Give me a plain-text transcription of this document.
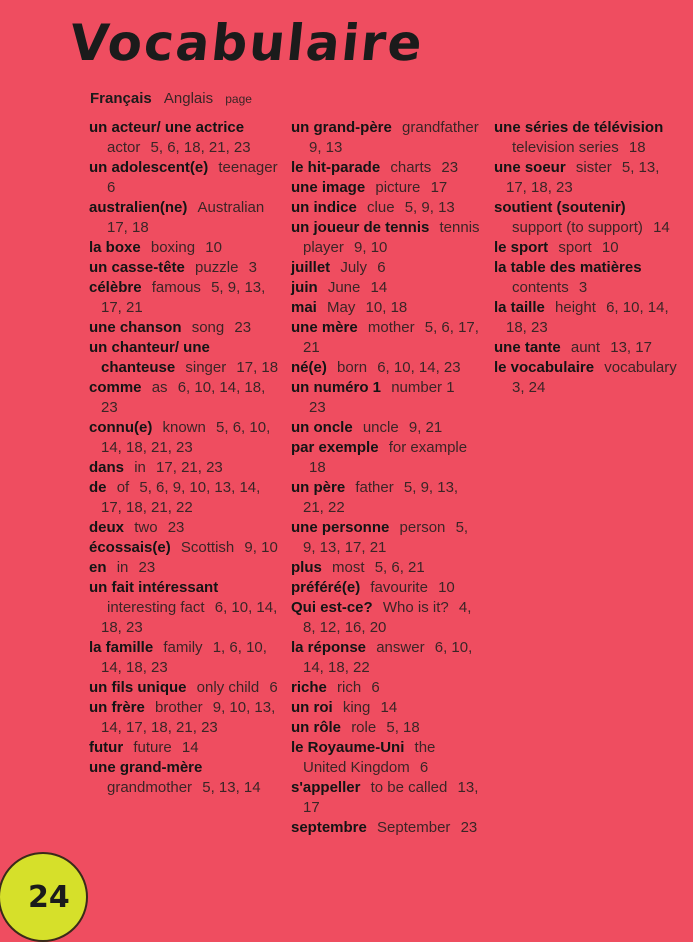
Vocabulaire
Français Anglais page
un acteur/ une actrice actor 5, 6, 18, 21, 23
un adolescent(e) teenager 6
australien(ne) Australian 17, 18
la boxe boxing 10
un casse-tête puzzle 3
célèbre famous 5, 9, 13, 17, 21
une chanson song 23
un chanteur/ une chanteuse singer 17, 18
comme as 6, 10, 14, 18, 23
connu(e) known 5, 6, 10, 14, 18, 21, 23
dans in 17, 21, 23
de of 5, 6, 9, 10, 13, 14, 17, 18, 21, 22
deux two 23
écossais(e) Scottish 9, 10
en in 23
un fait intéressant interesting fact 6, 10, 14, 18, 23
la famille family 1, 6, 10, 14, 18, 23
un fils unique only child 6
un frère brother 9, 10, 13, 14, 17, 18, 21, 23
futur future 14
une grand-mère grandmother 5, 13, 14
un grand-père grandfather 9, 13
le hit-parade charts 23
une image picture 17
un indice clue 5, 9, 13
un joueur de tennis tennis player 9, 10
juillet July 6
juin June 14
mai May 10, 18
une mère mother 5, 6, 17, 21
né(e) born 6, 10, 14, 23
un numéro 1 number 1 23
un oncle uncle 9, 21
par exemple for example 18
un père father 5, 9, 13, 21, 22
une personne person 5, 9, 13, 17, 21
plus most 5, 6, 21
préféré(e) favourite 10
Qui est-ce? Who is it? 4, 8, 12, 16, 20
la réponse answer 6, 10, 14, 18, 22
riche rich 6
un roi king 14
un rôle role 5, 18
le Royaume-Uni the United Kingdom 6
s'appeller to be called 13, 17
septembre September 23
une séries de télévision television series 18
une soeur sister 5, 13, 17, 18, 23
soutient (soutenir) support (to support) 14
le sport sport 10
la table des matières contents 3
la taille height 6, 10, 14, 18, 23
une tante aunt 13, 17
le vocabulaire vocabulary 3, 24
24
